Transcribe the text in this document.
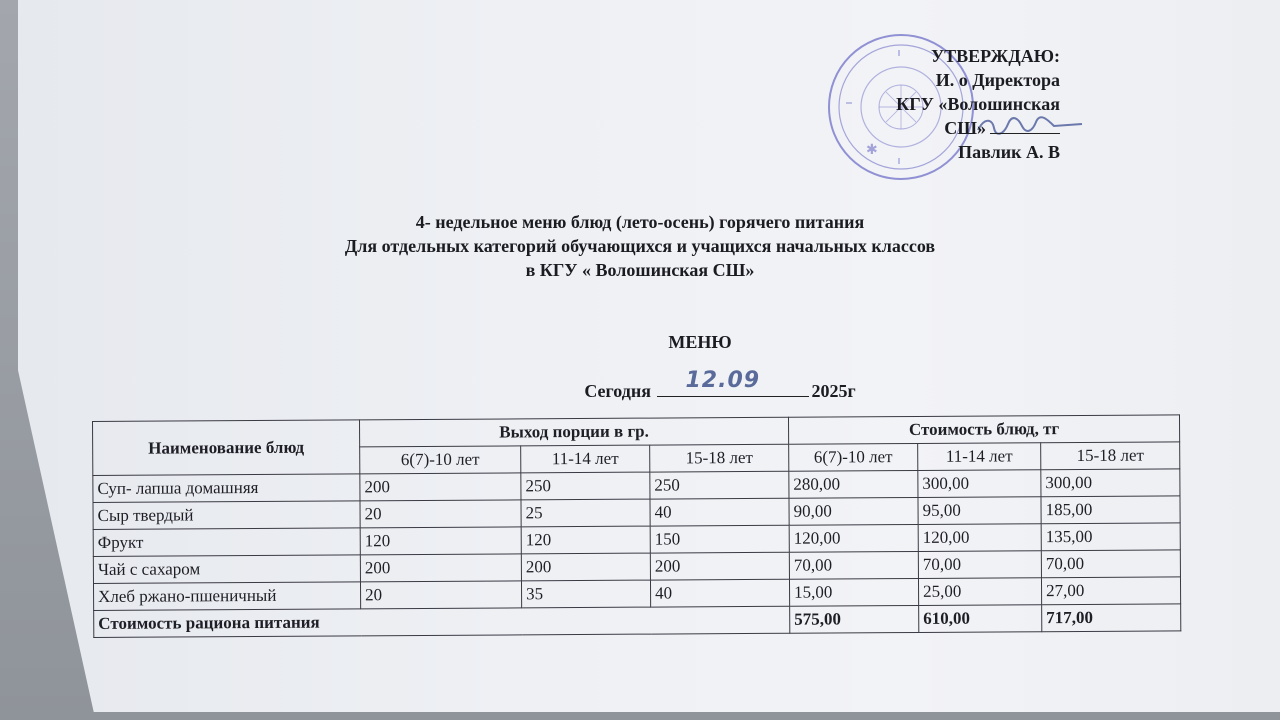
✱
УТВЕРЖДАЮ:
И. о Директора
КГУ «Волошинская
СШ»
Павлик А. В
4- недельное меню блюд (лето-осень) горячего питания
Для отдельных категорий обучающихся и учащихся начальных классов
в КГУ « Волошинская СШ»
МЕНЮ
Сегодня 12.09	2025г
Наименование блюд	Выход порции в гр.			Стоимость блюд, тг		
	6(7)-10 лет	11-14 лет	15-18 лет	6(7)-10 лет	11-14 лет	15-18 лет
Суп- лапша домашняя	200	250	250	280,00	300,00	300,00
Сыр твердый	20	25	40	90,00	95,00	185,00
Фрукт	120	120	150	120,00	120,00	135,00
Чай с сахаром	200	200	200	70,00	70,00	70,00
Хлеб ржано-пшеничный	20	35	40	15,00	25,00	27,00
Стоимость рациона питания				575,00	610,00	717,00
